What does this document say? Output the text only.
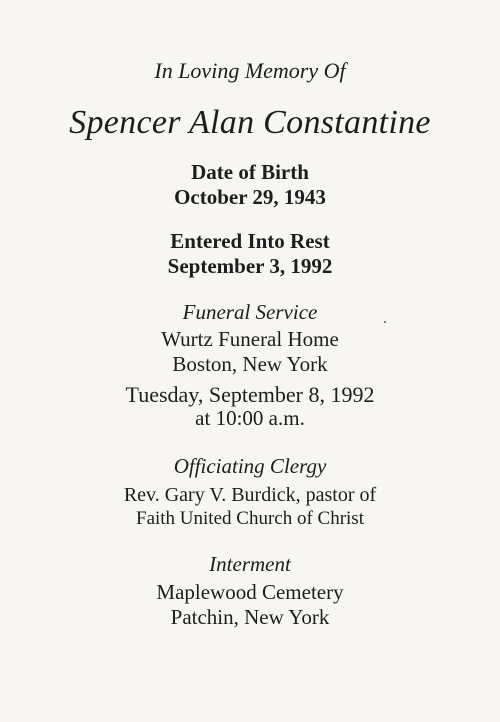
In Loving Memory Of

Spencer Alan Constantine

Date of Birth

October 29, 1943

Entered Into Rest

September 3, 1992

Funeral Service

Wurtz Funeral Home

Boston, New York

Tuesday, September 8, 1992

at 10:00 a.m.

Officiating Clergy

Rev. Gary V. Burdick, pastor of

Faith United Church of Christ

Interment

Maplewood Cemetery

Patchin, New York
